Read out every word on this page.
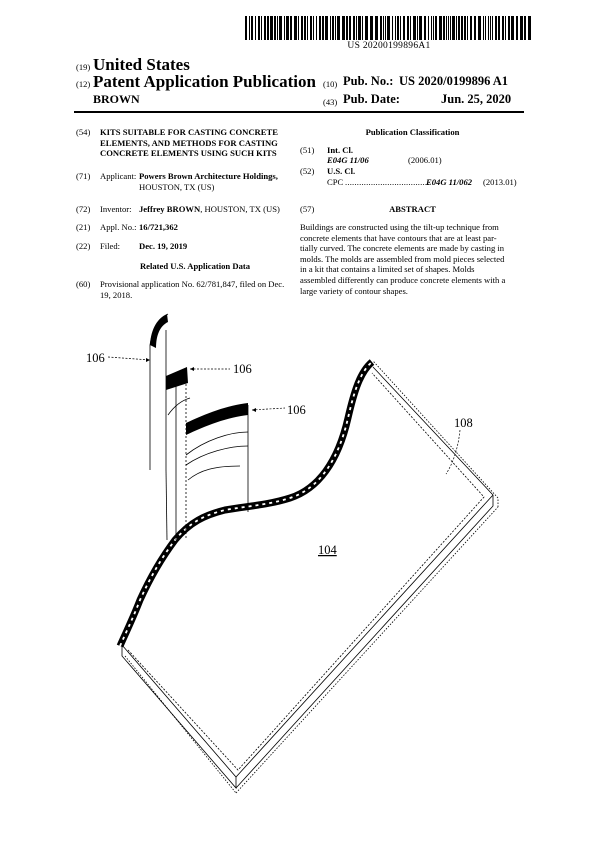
US 20200199896A1
(19) United States
(12) Patent Application Publication
BROWN
(10) Pub. No.: US 2020/0199896 A1
(43) Pub. Date:	Jun. 25, 2020
(54) KITS SUITABLE FOR CASTING CONCRETE
ELEMENTS, AND METHODS FOR CASTING
CONCRETE ELEMENTS USING SUCH KITS
(71) Applicant: Powers Brown Architecture Holdings,
HOUSTON, TX (US)
(72) Inventor: Jeffrey BROWN, HOUSTON, TX (US)
(21) Appl. No.: 16/721,362
(22) Filed: Dec. 19, 2019
Related U.S. Application Data
(60) Provisional application No. 62/781,847, filed on Dec.
19, 2018.
Publication Classification
(51) Int. Cl.
E04G 11/06	(2006.01)
(52) U.S. Cl.
CPC ....................................
E04G 11/062 (2013.01)
(57)	ABSTRACT
Buildings are constructed using the tilt-up technique from
concrete elements that have contours that are at least par-
tially curved. The concrete elements are made by casting in
molds. The molds are assembled from mold pieces selected
in a kit that contains a limited set of shapes. Molds
assembled differently can produce concrete elements with a
large variety of contour shapes.
106
106
106
108
104
